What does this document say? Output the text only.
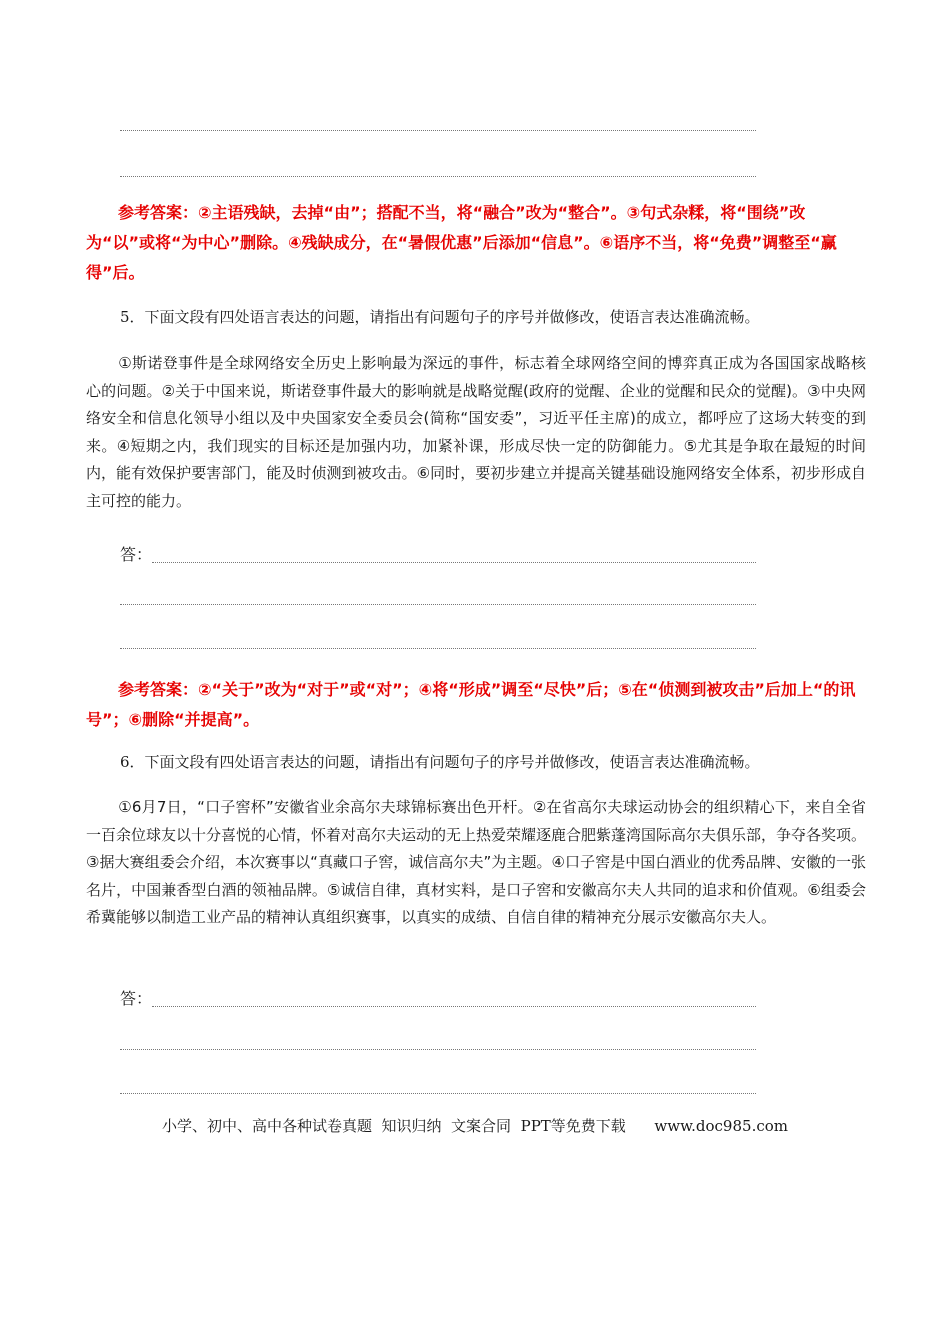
参考答案：②主语残缺，去掉“由”；搭配不当，将“融合”改为“整合”。③句式杂糅，将“围绕”改为“以”或将“为中心”删除。④残缺成分，在“暑假优惠”后添加“信息”。⑥语序不当，将“免费”调整至“赢得”后。
5．下面文段有四处语言表达的问题，请指出有问题句子的序号并做修改，使语言表达准确流畅。
①斯诺登事件是全球网络安全历史上影响最为深远的事件，标志着全球网络空间的博弈真正成为各国国家战略核心的问题。②关于中国来说，斯诺登事件最大的影响就是战略觉醒(政府的觉醒、企业的觉醒和民众的觉醒)。③中央网络安全和信息化领导小组以及中央国家安全委员会(简称“国安委”，习近平任主席)的成立，都呼应了这场大转变的到来。④短期之内，我们现实的目标还是加强内功，加紧补课，形成尽快一定的防御能力。⑤尤其是争取在最短的时间内，能有效保护要害部门，能及时侦测到被攻击。⑥同时，要初步建立并提高关键基础设施网络安全体系，初步形成自主可控的能力。
答：
参考答案：②“关于”改为“对于”或“对”；④将“形成”调至“尽快”后；⑤在“侦测到被攻击”后加上“的讯号”；⑥删除“并提高”。
6．下面文段有四处语言表达的问题，请指出有问题句子的序号并做修改，使语言表达准确流畅。
①6月7日，“口子窖杯”安徽省业余高尔夫球锦标赛出色开杆。②在省高尔夫球运动协会的组织精心下，来自全省一百余位球友以十分喜悦的心情，怀着对高尔夫运动的无上热爱荣耀逐鹿合肥紫蓬湾国际高尔夫俱乐部，争夺各奖项。③据大赛组委会介绍，本次赛事以“真藏口子窖，诚信高尔夫”为主题。④口子窖是中国白酒业的优秀品牌、安徽的一张名片，中国兼香型白酒的领袖品牌。⑤诚信自律，真材实料，是口子窖和安徽高尔夫人共同的追求和价值观。⑥组委会希冀能够以制造工业产品的精神认真组织赛事，以真实的成绩、自信自律的精神充分展示安徽高尔夫人。
答：
小学、初中、高中各种试卷真题  知识归纳  文案合同  PPT等免费下载      www.doc985.com
